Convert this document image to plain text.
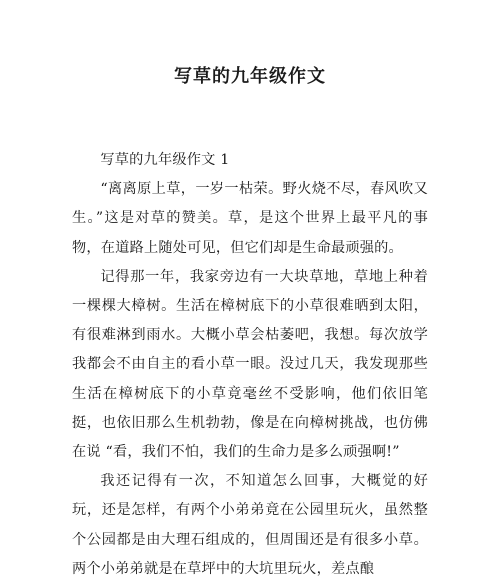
写草的九年级作文

写草的九年级作文 1

“离离原上草，一岁一枯荣。野火烧不尽，春风吹又生。”这是对草的赞美。草，是这个世界上最平凡的事物，在道路上随处可见，但它们却是生命最顽强的。

记得那一年，我家旁边有一大块草地，草地上种着一棵棵大樟树。生活在樟树底下的小草很难晒到太阳，有很难淋到雨水。大概小草会枯萎吧，我想。每次放学我都会不由自主的看小草一眼。没过几天，我发现那些生活在樟树底下的小草竟毫丝不受影响，他们依旧笔挺，也依旧那么生机勃勃，像是在向樟树挑战，也仿佛在说 “看，我们不怕，我们的生命力是多么顽强啊!”

我还记得有一次，不知道怎么回事，大概觉的好玩，还是怎样，有两个小弟弟竟在公园里玩火，虽然整个公园都是由大理石组成的，但周围还是有很多小草。两个小弟弟就是在草坪中的大坑里玩火，差点酿
